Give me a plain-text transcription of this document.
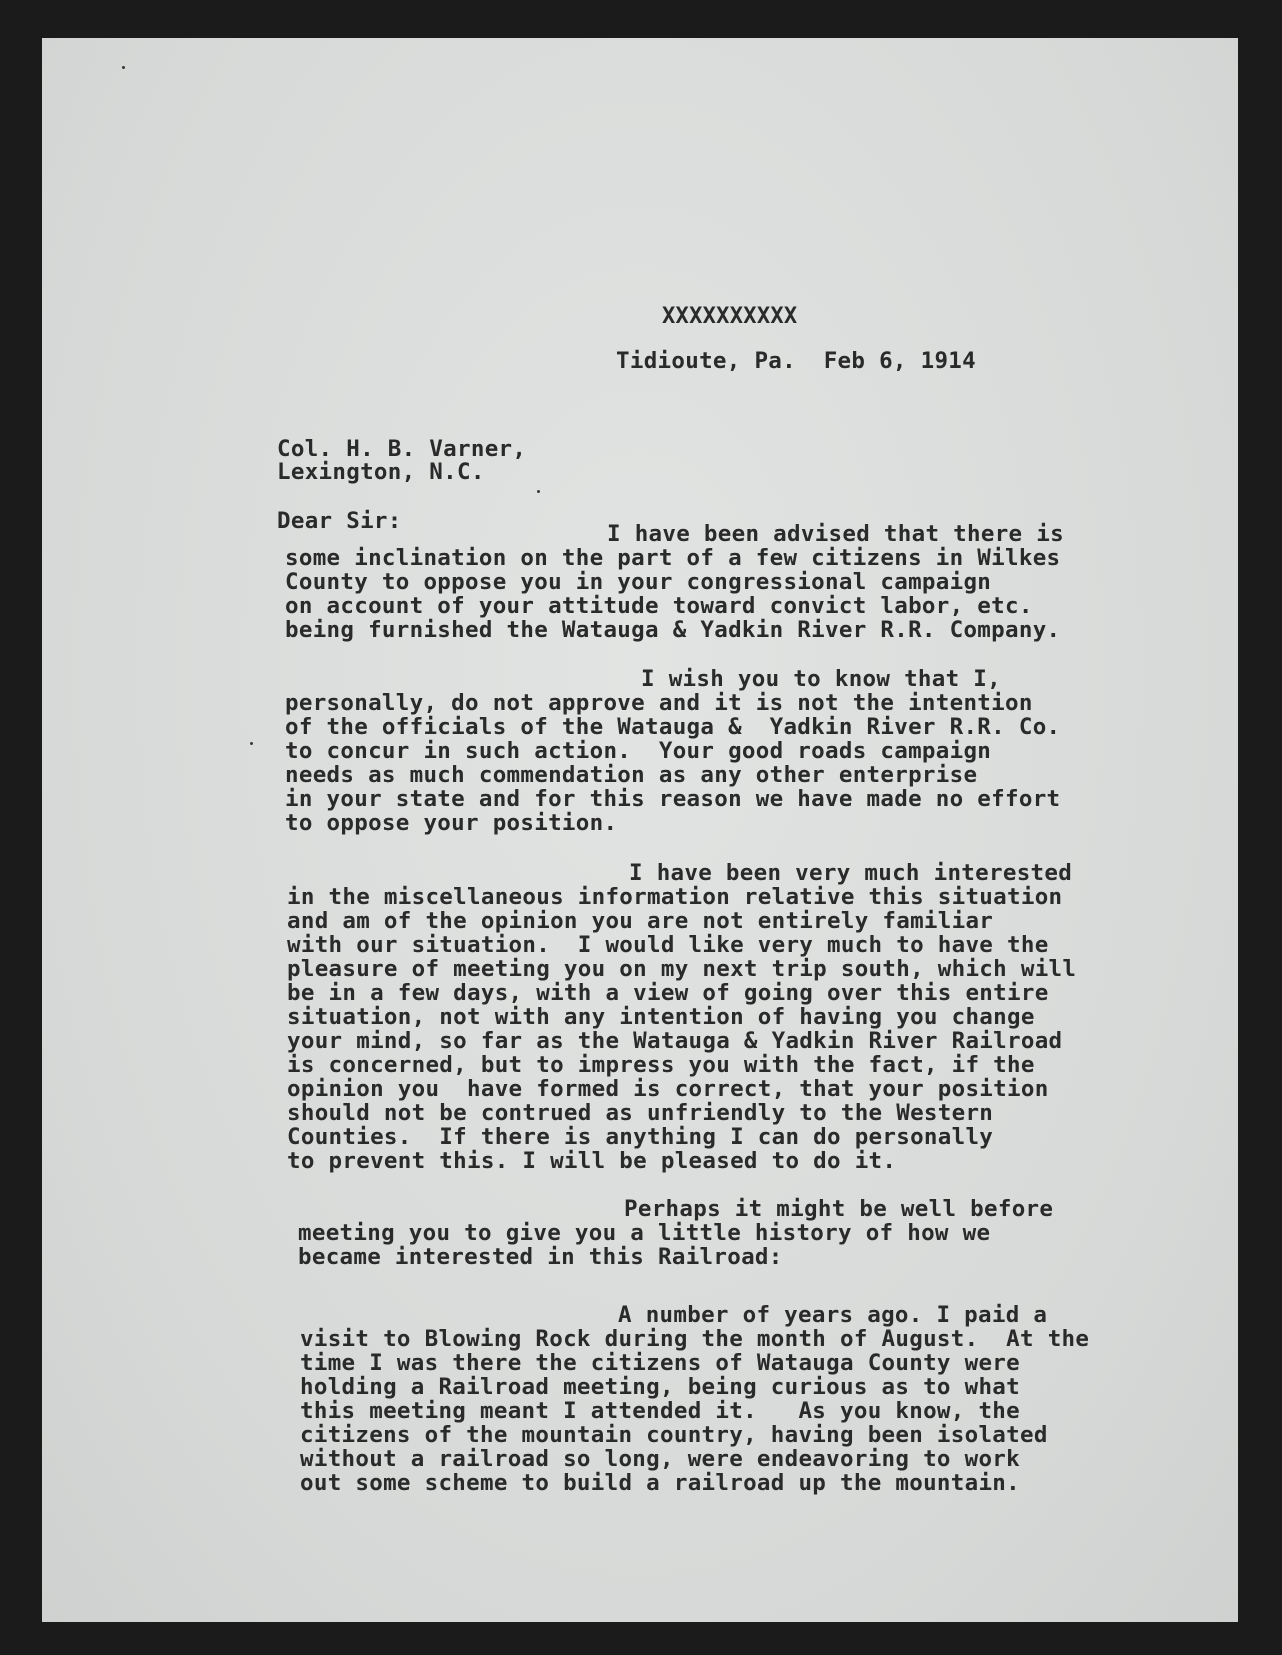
XXXXXXXXXX

Tidioute, Pa.  Feb 6, 1914

Col. H. B. Varner,

Lexington, N.C.

Dear Sir:	I have been advised that there is

some inclination on the part of a few citizens in Wilkes

County to oppose you in your congressional campaign

on account of your attitude toward convict labor, etc.

being furnished the Watauga & Yadkin River R.R. Company.

I wish you to know that I,

personally, do not approve and it is not the intention

of the officials of the Watauga &  Yadkin River R.R. Co.

to concur in such action.  Your good roads campaign

needs as much commendation as any other enterprise

in your state and for this reason we have made no effort

to oppose your position.

I have been very much interested

in the miscellaneous information relative this situation

and am of the opinion you are not entirely familiar

with our situation.  I would like very much to have the

pleasure of meeting you on my next trip south, which will

be in a few days, with a view of going over this entire

situation, not with any intention of having you change

your mind, so far as the Watauga & Yadkin River Railroad

is concerned, but to impress you with the fact, if the

opinion you  have formed is correct, that your position

should not be contrued as unfriendly to the Western

Counties.  If there is anything I can do personally

to prevent this. I will be pleased to do it.

Perhaps it might be well before

meeting you to give you a little history of how we

became interested in this Railroad:

A number of years ago. I paid a

visit to Blowing Rock during the month of August.  At the

time I was there the citizens of Watauga County were

holding a Railroad meeting, being curious as to what

this meeting meant I attended it.   As you know, the

citizens of the mountain country, having been isolated

without a railroad so long, were endeavoring to work

out some scheme to build a railroad up the mountain.
